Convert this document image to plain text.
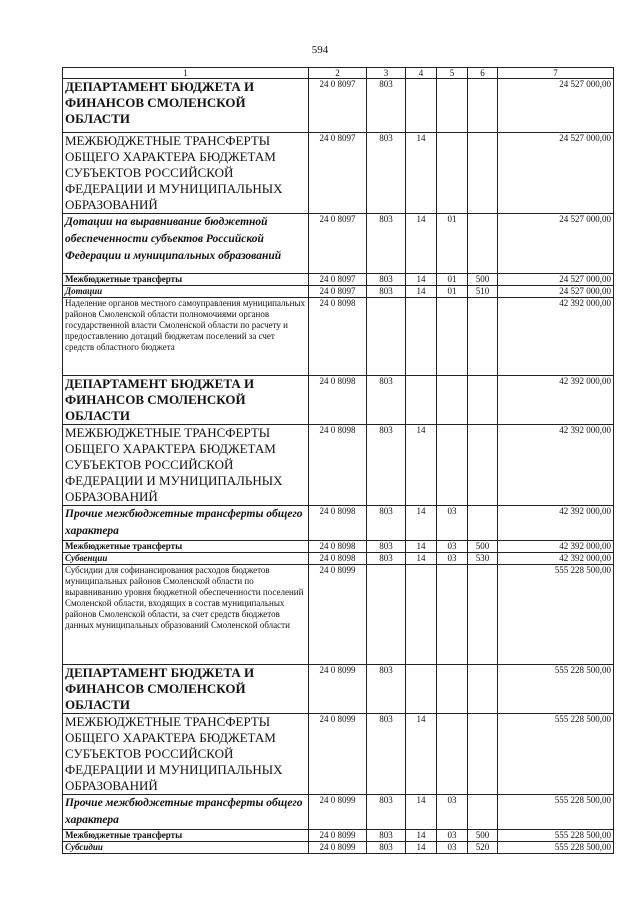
594
1	2	3	4	5	6	7
ДЕПАРТАМЕНТ БЮДЖЕТА И ФИНАНСОВ СМОЛЕНСКОЙ ОБЛАСТИ	24 0 8097	803				24 527 000,00
МЕЖБЮДЖЕТНЫЕ ТРАНСФЕРТЫ ОБЩЕГО ХАРАКТЕРА БЮДЖЕТАМ СУБЪЕКТОВ РОССИЙСКОЙ ФЕДЕРАЦИИ И МУНИЦИПАЛЬНЫХ ОБРАЗОВАНИЙ	24 0 8097	803	14			24 527 000,00
Дотации на выравнивание бюджетной обеспеченности субъектов Российской Федерации и муниципальных образований	24 0 8097	803	14	01		24 527 000,00
Межбюджетные трансферты	24 0 8097	803	14	01	500	24 527 000,00
Дотации	24 0 8097	803	14	01	510	24 527 000,00
Наделение органов местного самоуправления муниципальных районов Смоленской области полномочиями органов государственной власти Смоленской области по расчету и предоставлению дотаций бюджетам поселений за счет средств областного бюджета	24 0 8098					42 392 000,00
ДЕПАРТАМЕНТ БЮДЖЕТА И ФИНАНСОВ СМОЛЕНСКОЙ ОБЛАСТИ	24 0 8098	803				42 392 000,00
МЕЖБЮДЖЕТНЫЕ ТРАНСФЕРТЫ ОБЩЕГО ХАРАКТЕРА БЮДЖЕТАМ СУБЪЕКТОВ РОССИЙСКОЙ ФЕДЕРАЦИИ И МУНИЦИПАЛЬНЫХ ОБРАЗОВАНИЙ	24 0 8098	803	14			42 392 000,00
Прочие межбюджетные трансферты общего характера	24 0 8098	803	14	03		42 392 000,00
Межбюджетные трансферты	24 0 8098	803	14	03	500	42 392 000,00
Субвенции	24 0 8098	803	14	03	530	42 392 000,00
Субсидии для софинансирования расходов бюджетов муниципальных районов Смоленской области по выравниванию уровня бюджетной обеспеченности поселений Смоленской области, входящих в состав муниципальных районов Смоленской области, за счет средств бюджетов данных муниципальных образований Смоленской области	24 0 8099					555 228 500,00
ДЕПАРТАМЕНТ БЮДЖЕТА И ФИНАНСОВ СМОЛЕНСКОЙ ОБЛАСТИ	24 0 8099	803				555 228 500,00
МЕЖБЮДЖЕТНЫЕ ТРАНСФЕРТЫ ОБЩЕГО ХАРАКТЕРА БЮДЖЕТАМ СУБЪЕКТОВ РОССИЙСКОЙ ФЕДЕРАЦИИ И МУНИЦИПАЛЬНЫХ ОБРАЗОВАНИЙ	24 0 8099	803	14			555 228 500,00
Прочие межбюджетные трансферты общего характера	24 0 8099	803	14	03		555 228 500,00
Межбюджетные трансферты	24 0 8099	803	14	03	500	555 228 500,00
Субсидии	24 0 8099	803	14	03	520	555 228 500,00
